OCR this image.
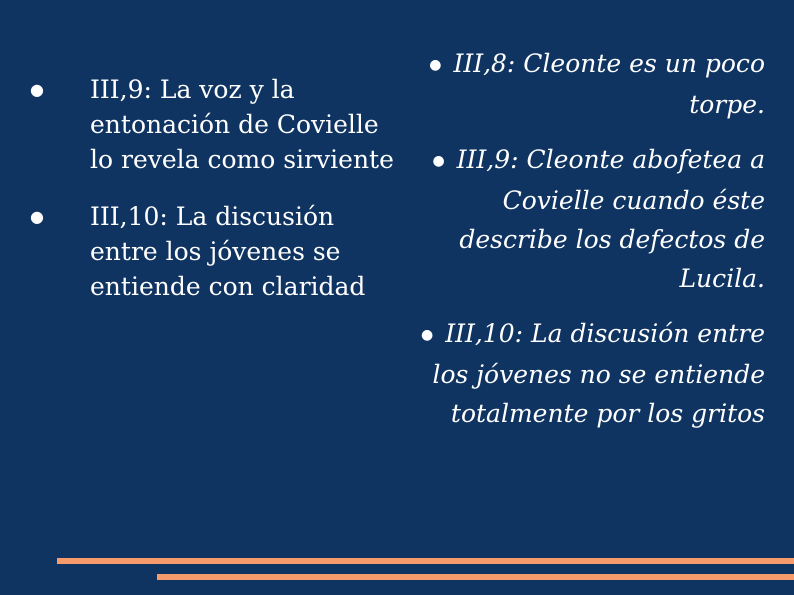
● III,9: La voz y la entonación de Covielle lo revela como sirviente
● III,10: La discusión entre los jóvenes se entiende con claridad
● III,8: Cleonte es un poco torpe.
● III,9: Cleonte abofetea a Covielle cuando éste describe los defectos de Lucila.
● III,10: La discusión entre los jóvenes no se entiende totalmente por los gritos
